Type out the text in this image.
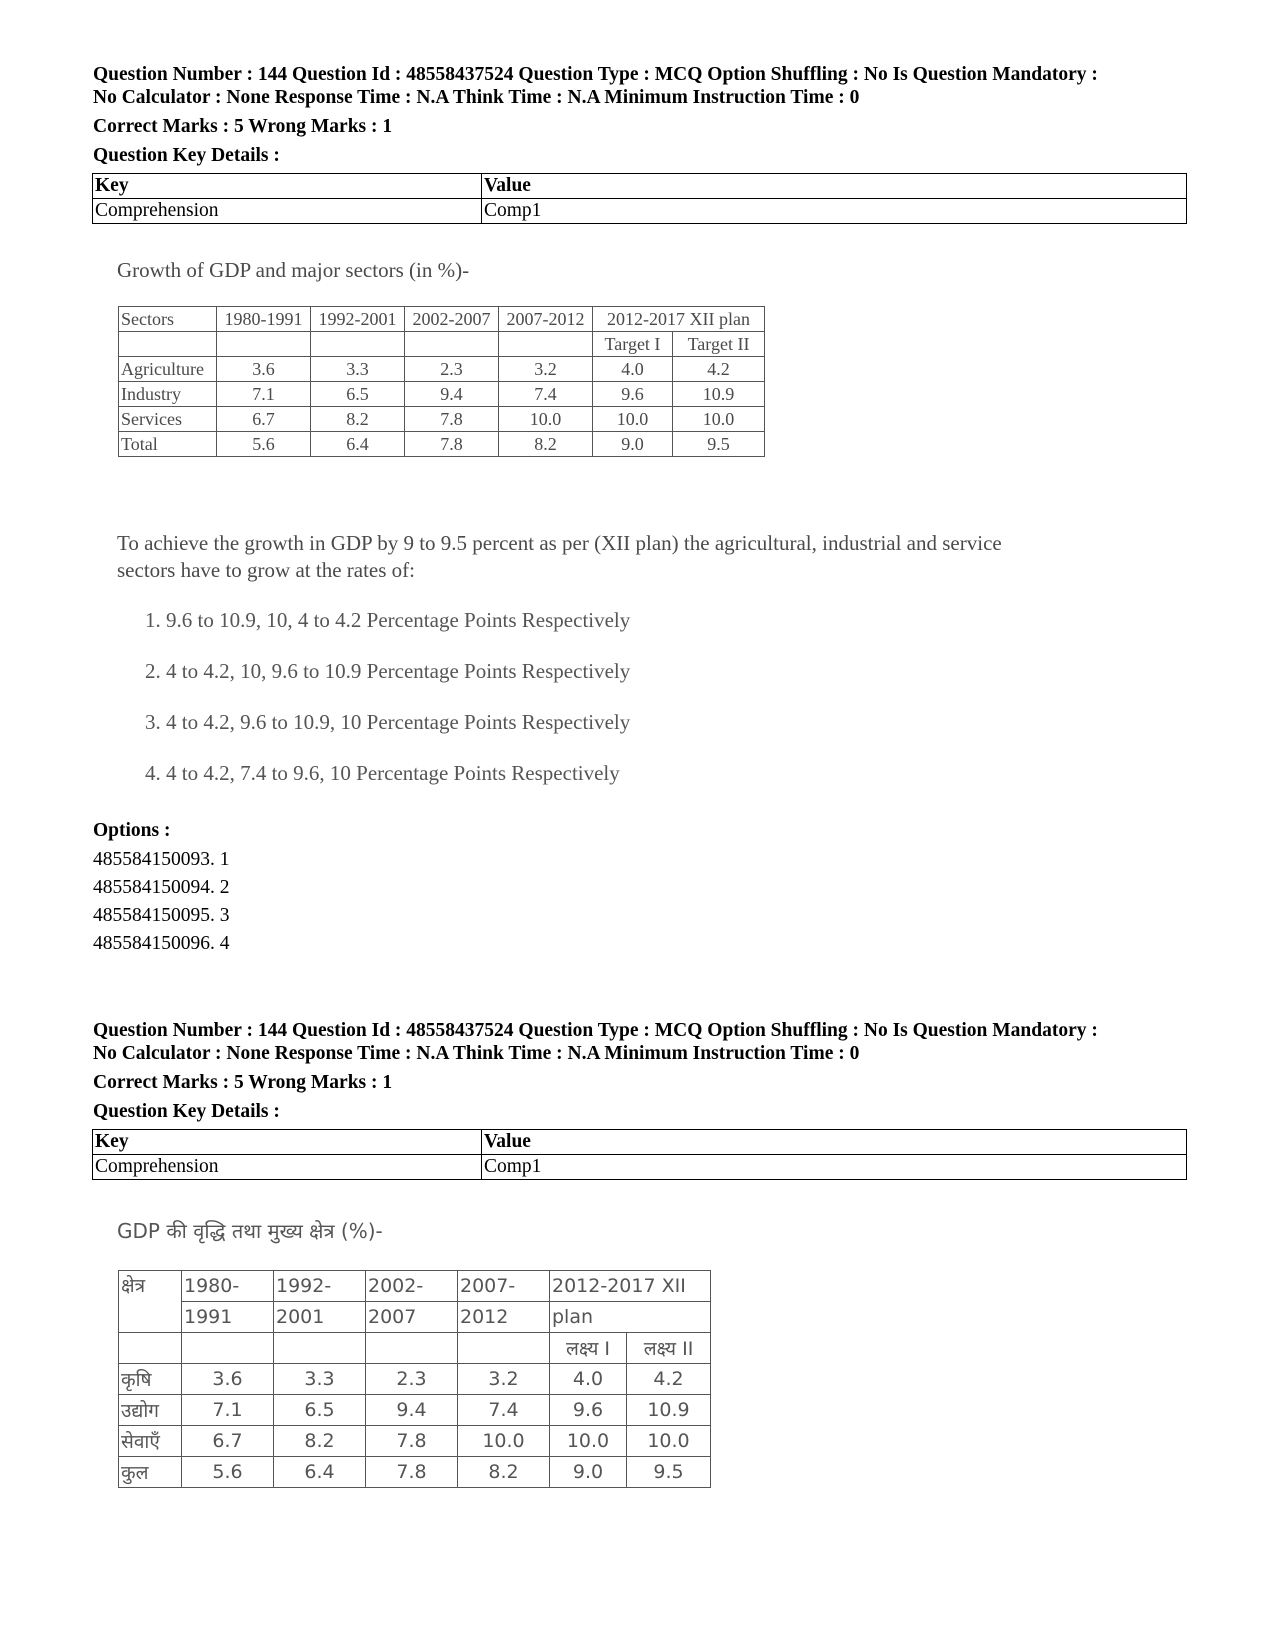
Question Number : 144 Question Id : 48558437524 Question Type : MCQ Option Shuffling : No Is Question Mandatory :
No Calculator : None Response Time : N.A Think Time : N.A Minimum Instruction Time : 0
Correct Marks : 5 Wrong Marks : 1
Question Key Details :
Key	Value
Comprehension	Comp1
Growth of GDP and major sectors (in %)-
Sectors	1980-1991	1992-2001	2002-2007	2007-2012	2012-2017 XII plan	
					Target I	Target II
Agriculture	3.6	3.3	2.3	3.2	4.0	4.2
Industry	7.1	6.5	9.4	7.4	9.6	10.9
Services	6.7	8.2	7.8	10.0	10.0	10.0
Total	5.6	6.4	7.8	8.2	9.0	9.5
To achieve the growth in GDP by 9 to 9.5 percent as per (XII plan) the agricultural, industrial and service
sectors have to grow at the rates of:
1. 9.6 to 10.9, 10, 4 to 4.2 Percentage Points Respectively
2. 4 to 4.2, 10, 9.6 to 10.9 Percentage Points Respectively
3. 4 to 4.2, 9.6 to 10.9, 10 Percentage Points Respectively
4. 4 to 4.2, 7.4 to 9.6, 10 Percentage Points Respectively
Options :
485584150093. 1
485584150094. 2
485584150095. 3
485584150096. 4
Question Number : 144 Question Id : 48558437524 Question Type : MCQ Option Shuffling : No Is Question Mandatory :
No Calculator : None Response Time : N.A Think Time : N.A Minimum Instruction Time : 0
Correct Marks : 5 Wrong Marks : 1
Question Key Details :
Key	Value
Comprehension	Comp1
GDP की वृद्धि तथा मुख्य क्षेत्र (%)-
क्षेत्र	1980-	1992-	2002-	2007-	2012-2017 XII	
	1991	2001	2007	2012	plan	
					लक्ष्य I	लक्ष्य II
कृषि	3.6	3.3	2.3	3.2	4.0	4.2
उद्योग	7.1	6.5	9.4	7.4	9.6	10.9
सेवाएँ	6.7	8.2	7.8	10.0	10.0	10.0
कुल	5.6	6.4	7.8	8.2	9.0	9.5
